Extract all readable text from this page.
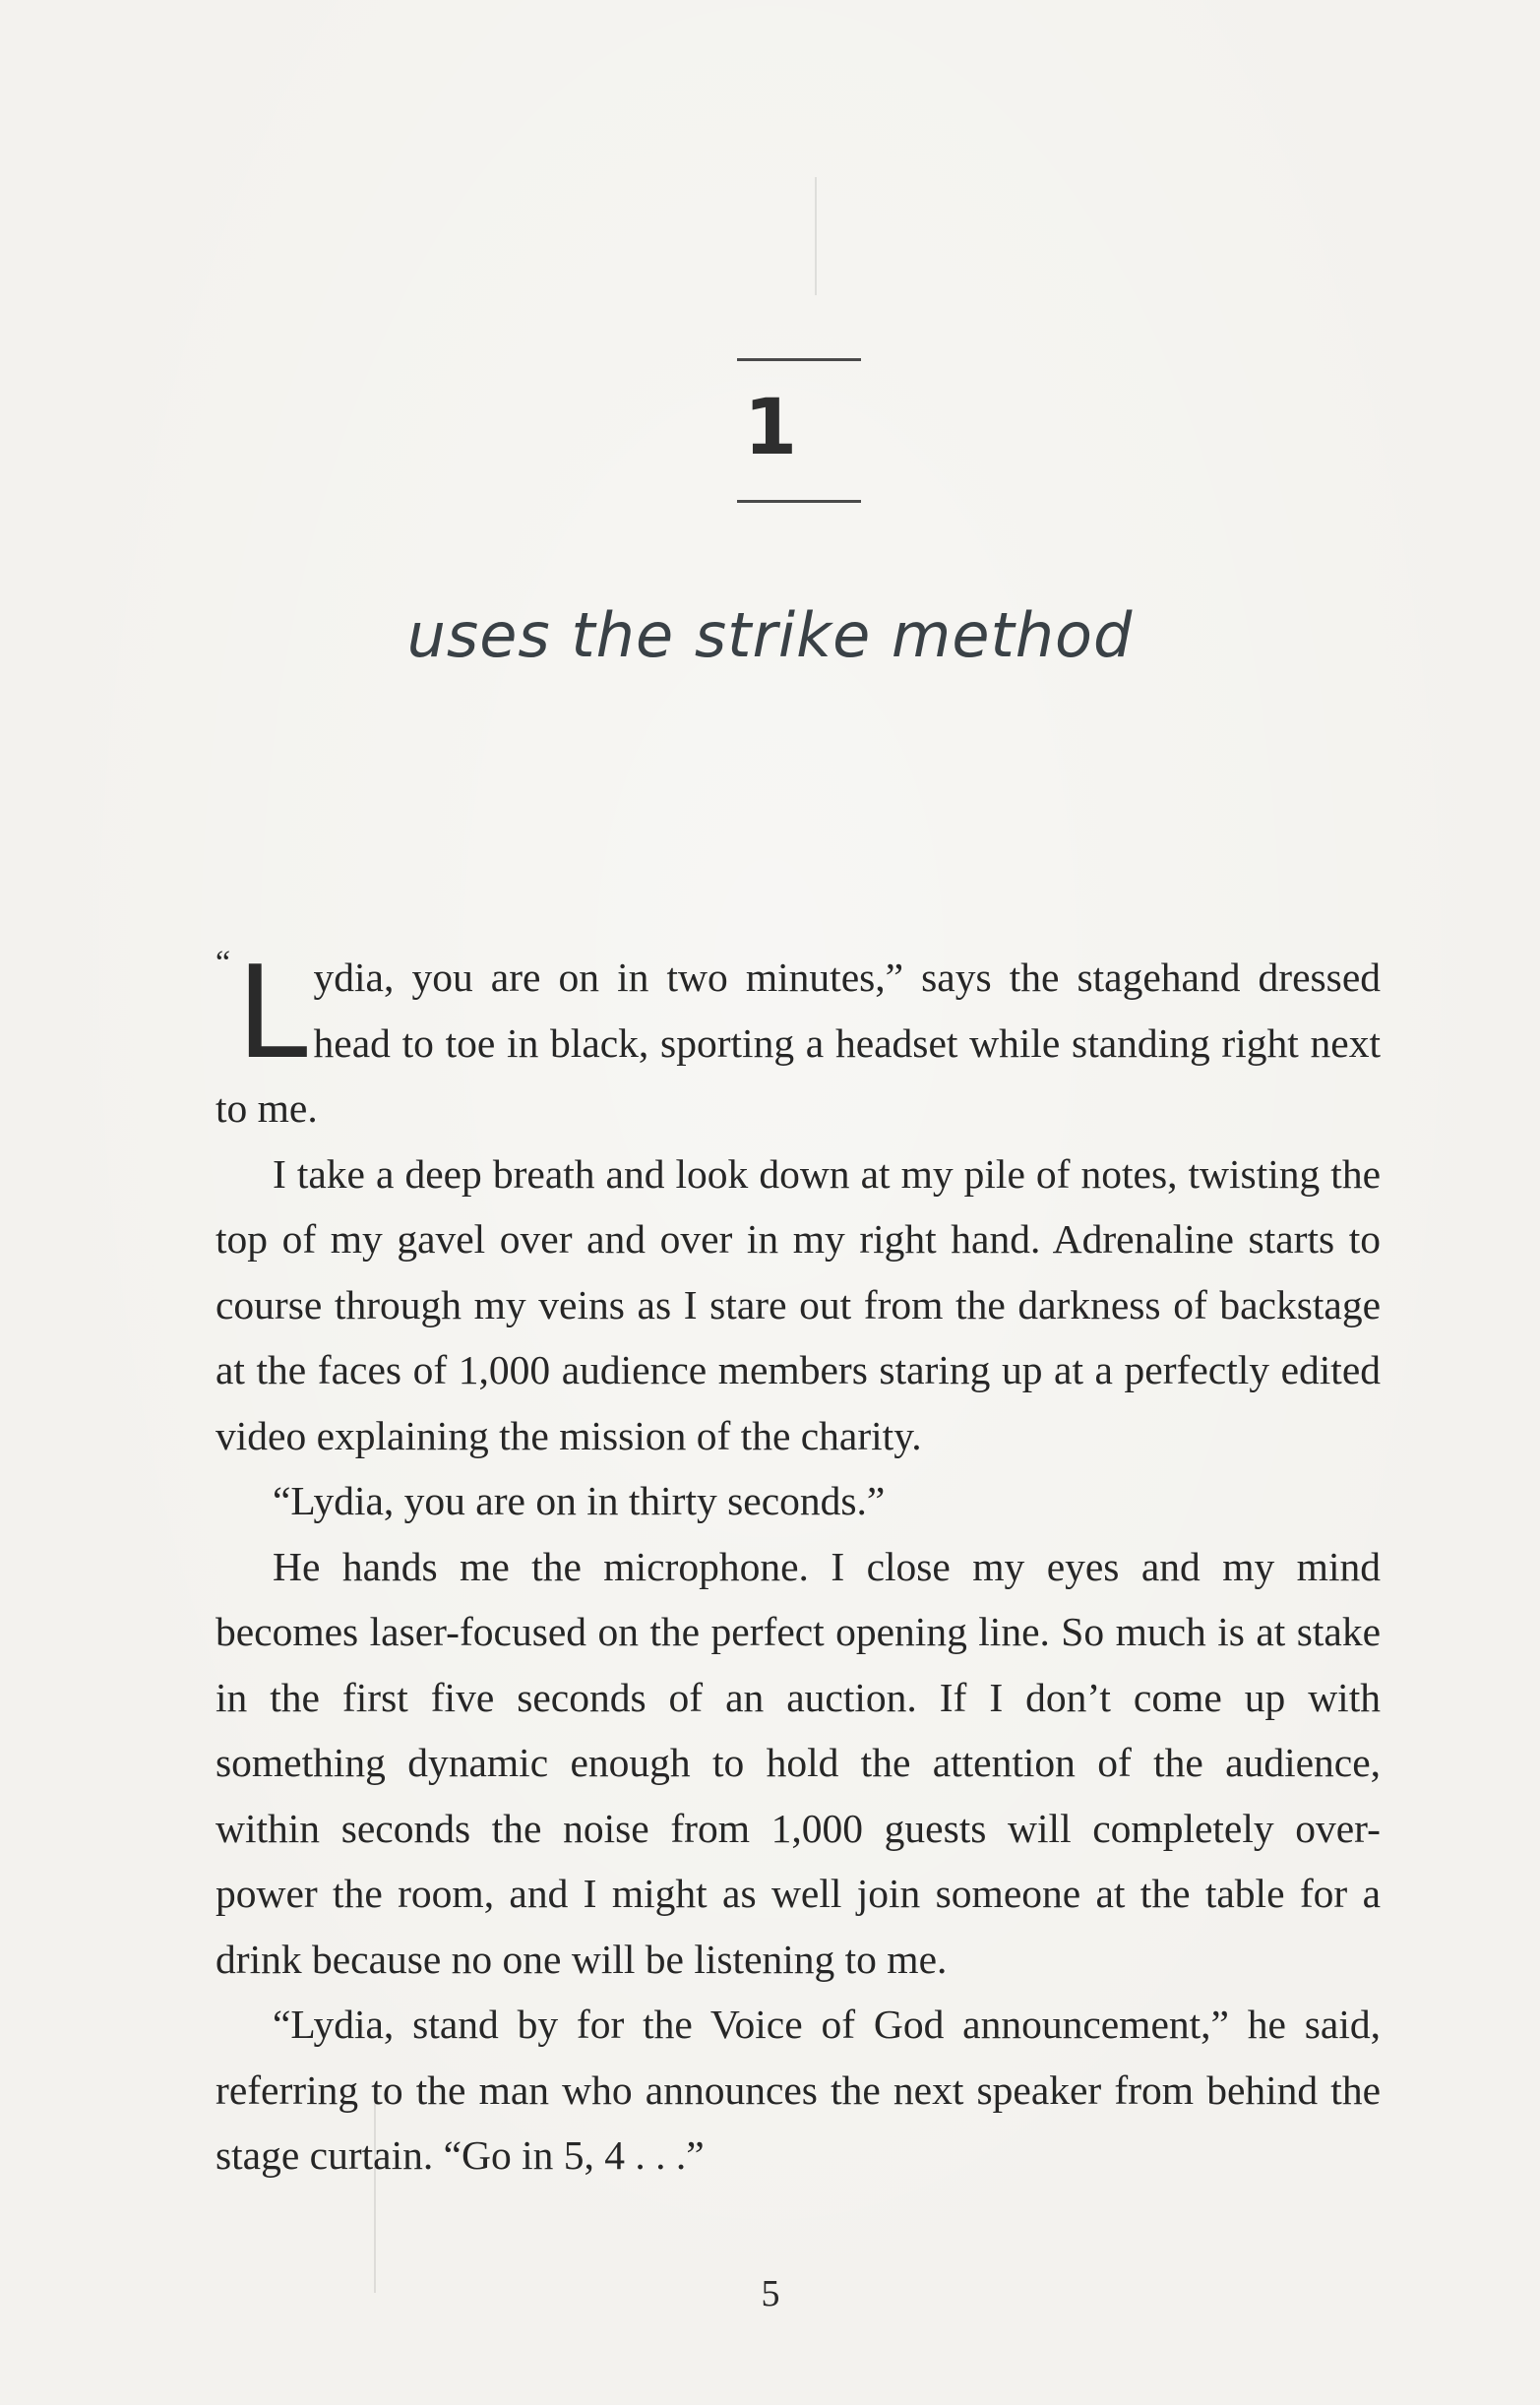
1
uses the strike method

“ L ydia, you are on in two minutes,” says the stagehand dressed head to toe in black, sporting a headset while standing right next to me.

I take a deep breath and look down at my pile of notes, twisting the top of my gavel over and over in my right hand. Adrenaline starts to course through my veins as I stare out from the darkness of backstage at the faces of 1,000 audience members staring up at a perfectly edited video explaining the mission of the charity.

“Lydia, you are on in thirty seconds.”

He hands me the microphone. I close my eyes and my mind becomes laser-focused on the perfect opening line. So much is at stake in the first five seconds of an auction. If I don’t come up with something dynamic enough to hold the attention of the audience, within seconds the noise from 1,000 guests will completely over-power the room, and I might as well join someone at the table for a drink because no one will be listening to me.

“Lydia, stand by for the Voice of God announcement,” he said, referring to the man who announces the next speaker from behind the stage curtain. “Go in 5, 4 . . .”

5
